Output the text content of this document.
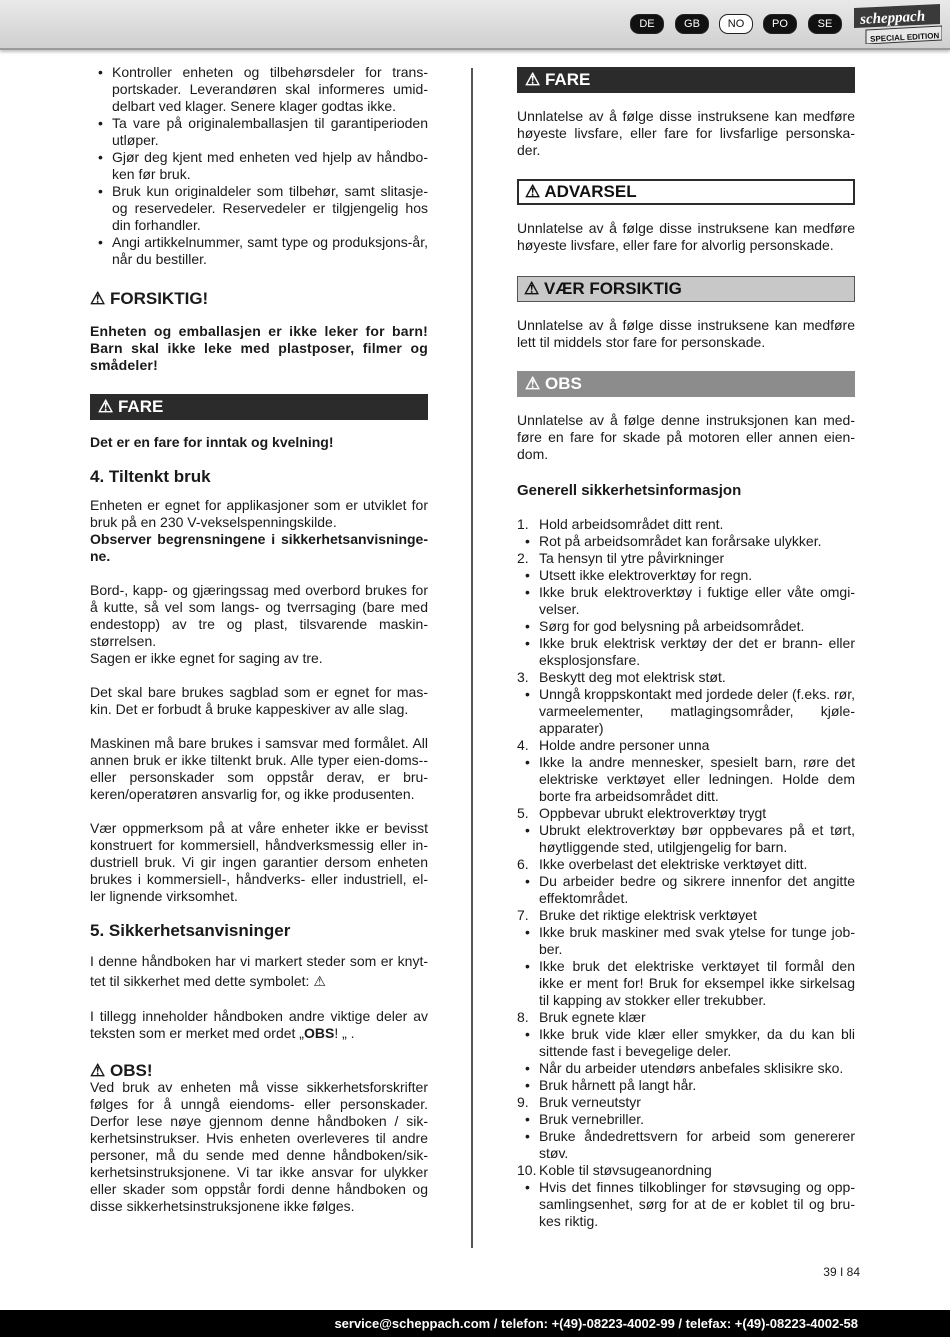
DE	GB	NO	PO	SE	scheppach
SPECIAL EDITION
• Kontroller enheten og tilbehørsdeler for trans-portskader. Leverandøren skal informeres umid-delbart ved klager. Senere klager godtas ikke.
• Ta vare på originalemballasjen til garantiperioden utløper.
• Gjør deg kjent med enheten ved hjelp av håndbo-ken før bruk.
• Bruk kun originaldeler som tilbehør, samt slitasje-og reservedeler. Reservedeler er tilgjengelig hos din forhandler.
• Angi artikkelnummer, samt type og produksjons-år, når du bestiller.
⚠ FORSIKTIG!

Enheten og emballasjen er ikke leker for barn! Barn skal ikke leke med plastposer, filmer og smådeler!

⚠ FARE

Det er en fare for inntak og kvelning!

4. Tiltenkt bruk

Enheten er egnet for applikasjoner som er utviklet for bruk på en 230 V-vekselspenningskilde.

Observer begrensningene i sikkerhetsanvisninge-ne.

Bord-, kapp- og gjæringssag med overbord brukes for å kutte, så vel som langs- og tverrsaging (bare med endestopp) av tre og plast, tilsvarende maskin-størrelsen.

Sagen er ikke egnet for saging av tre.

Det skal bare brukes sagblad som er egnet for mas-kin. Det er forbudt å bruke kappeskiver av alle slag.

Maskinen må bare brukes i samsvar med formålet. All annen bruk er ikke tiltenkt bruk. Alle typer eien-doms-- eller personskader som oppstår derav, er bru-keren/operatøren ansvarlig for, og ikke produsenten.

Vær oppmerksom på at våre enheter ikke er bevisst konstruert for kommersiell, håndverksmessig eller in-dustriell bruk. Vi gir ingen garantier dersom enheten brukes i kommersiell-, håndverks- eller industriell, el-ler lignende virksomhet.

5. Sikkerhetsanvisninger

I denne håndboken har vi markert steder som er knyt-tet til sikkerhet med dette symbolet: ⚠

I tillegg inneholder håndboken andre viktige deler av teksten som er merket med ordet „OBS! „ .

⚠ OBS!

Ved bruk av enheten må visse sikkerhetsforskrifter følges for å unngå eiendoms- eller personskader. Derfor lese nøye gjennom denne håndboken / sik-kerhetsinstrukser. Hvis enheten overleveres til andre personer, må du sende med denne håndboken/sik-kerhetsinstruksjonene. Vi tar ikke ansvar for ulykker eller skader som oppstår fordi denne håndboken og disse sikkerhetsinstruksjonene ikke følges.

⚠ FARE

Unnlatelse av å følge disse instruksene kan medføre høyeste livsfare, eller fare for livsfarlige personska-der.

⚠ ADVARSEL

Unnlatelse av å følge disse instruksene kan medføre høyeste livsfare, eller fare for alvorlig personskade.

⚠ VÆR FORSIKTIG

Unnlatelse av å følge disse instruksene kan medføre lett til middels stor fare for personskade.

⚠ OBS

Unnlatelse av å følge denne instruksjonen kan med-føre en fare for skade på motoren eller annen eien-dom.

Generell sikkerhetsinformasjon
1. Hold arbeidsområdet ditt rent.
• Rot på arbeidsområdet kan forårsake ulykker.
2. Ta hensyn til ytre påvirkninger
• Utsett ikke elektroverktøy for regn.
• Ikke bruk elektroverktøy i fuktige eller våte omgi-velser.
• Sørg for god belysning på arbeidsområdet.
• Ikke bruk elektrisk verktøy der det er brann- eller eksplosjonsfare.
3. Beskytt deg mot elektrisk støt.
• Unngå kroppskontakt med jordede deler (f.eks. rør, varmeelementer, matlagingsområder, kjøle-apparater)
4. Holde andre personer unna
• Ikke la andre mennesker, spesielt barn, røre det elektriske verktøyet eller ledningen. Holde dem borte fra arbeidsområdet ditt.
5. Oppbevar ubrukt elektroverktøy trygt
• Ubrukt elektroverktøy bør oppbevares på et tørt, høytliggende sted, utilgjengelig for barn.
6. Ikke overbelast det elektriske verktøyet ditt.
• Du arbeider bedre og sikrere innenfor det angitte effektområdet.
7. Bruke det riktige elektrisk verktøyet
• Ikke bruk maskiner med svak ytelse for tunge job-ber.
• Ikke bruk det elektriske verktøyet til formål den ikke er ment for! Bruk for eksempel ikke sirkelsag til kapping av stokker eller trekubber.
8. Bruk egnete klær
• Ikke bruk vide klær eller smykker, da du kan bli sittende fast i bevegelige deler.
• Når du arbeider utendørs anbefales sklisikre sko.
• Bruk hårnett på langt hår.
9. Bruk verneutstyr
• Bruk vernebriller.
• Bruke åndedrettsvern for arbeid som genererer støv.
10. Koble til støvsugeanordning
• Hvis det finnes tilkoblinger for støvsuging og opp-samlingsenhet, sørg for at de er koblet til og bru-kes riktig.
39 I 84
service@scheppach.com / telefon: +(49)-08223-4002-99 / telefax: +(49)-08223-4002-58
